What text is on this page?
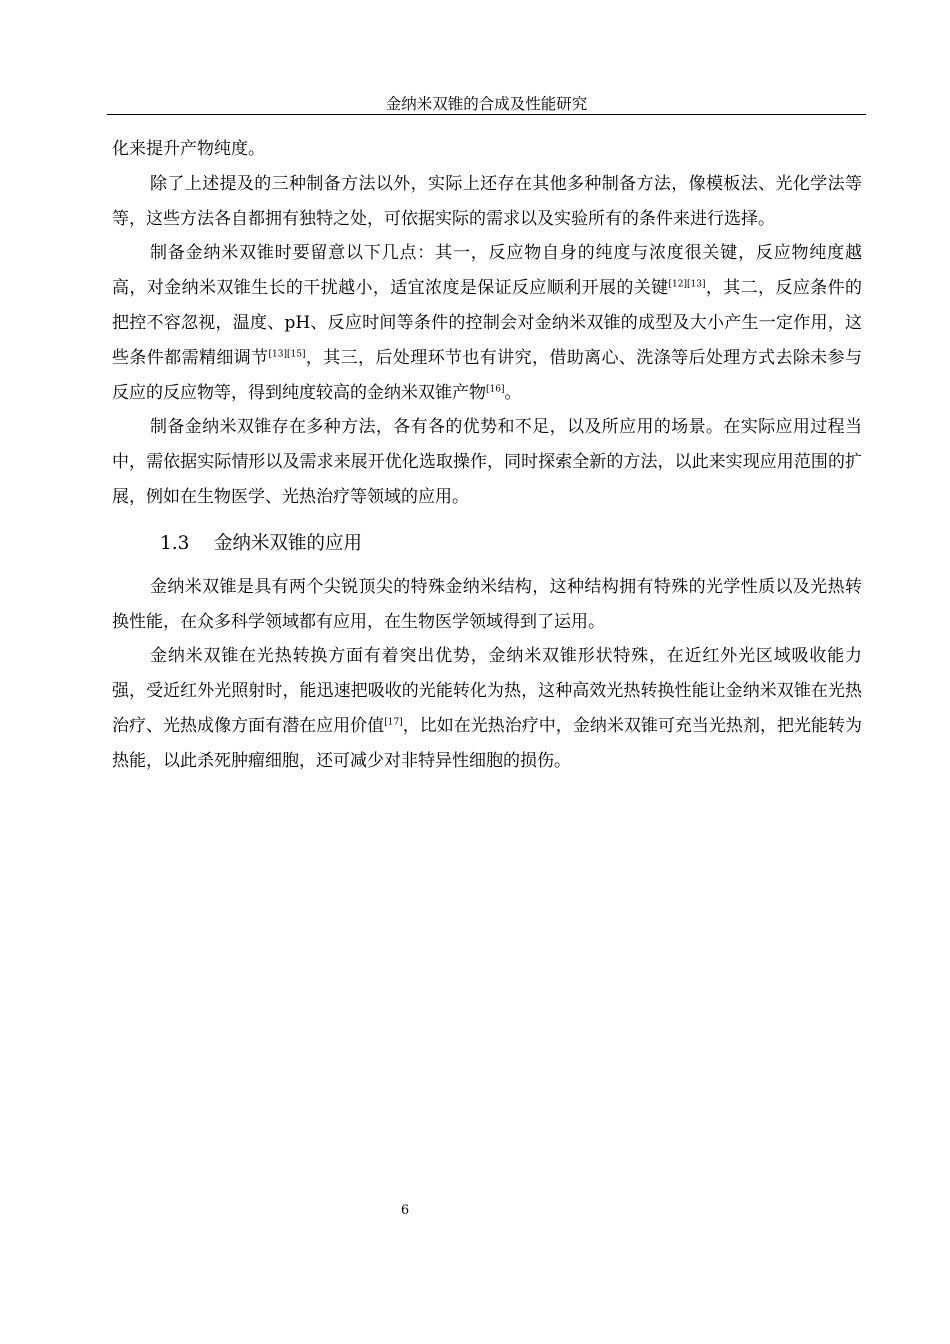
金纳米双锥的合成及性能研究

化来提升产物纯度。

除了上述提及的三种制备方法以外，实际上还存在其他多种制备方法，像模板法、光化学法等等，这些方法各自都拥有独特之处，可依据实际的需求以及实验所有的条件来进行选择。

制备金纳米双锥时要留意以下几点：其一，反应物自身的纯度与浓度很关键，反应物纯度越高，对金纳米双锥生长的干扰越小，适宜浓度是保证反应顺利开展的关键[12][13]，其二，反应条件的把控不容忽视，温度、pH、反应时间等条件的控制会对金纳米双锥的成型及大小产生一定作用，这些条件都需精细调节[13][15]，其三，后处理环节也有讲究，借助离心、洗涤等后处理方式去除未参与反应的反应物等，得到纯度较高的金纳米双锥产物[16]。

制备金纳米双锥存在多种方法，各有各的优势和不足，以及所应用的场景。在实际应用过程当中，需依据实际情形以及需求来展开优化选取操作，同时探索全新的方法，以此来实现应用范围的扩展，例如在生物医学、光热治疗等领域的应用。

1.3 金纳米双锥的应用

金纳米双锥是具有两个尖锐顶尖的特殊金纳米结构，这种结构拥有特殊的光学性质以及光热转换性能，在众多科学领域都有应用，在生物医学领域得到了运用。

金纳米双锥在光热转换方面有着突出优势，金纳米双锥形状特殊，在近红外光区域吸收能力强，受近红外光照射时，能迅速把吸收的光能转化为热，这种高效光热转换性能让金纳米双锥在光热治疗、光热成像方面有潜在应用价值[17]，比如在光热治疗中，金纳米双锥可充当光热剂，把光能转为热能，以此杀死肿瘤细胞，还可减少对非特异性细胞的损伤。

6
